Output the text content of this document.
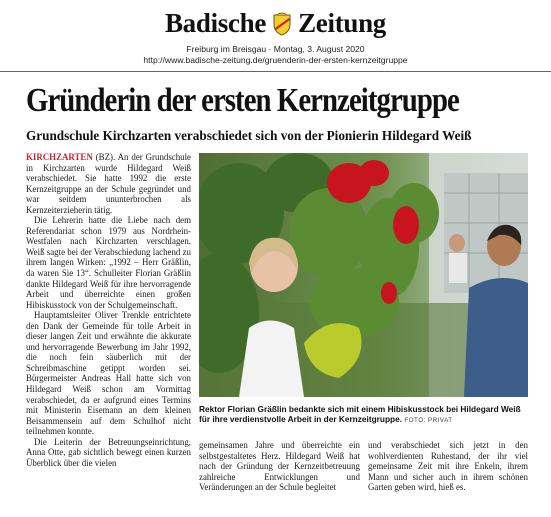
Badische Zeitung
Freiburg im Breisgau · Montag, 3. August 2020
http://www.badische-zeitung.de/gruenderin-der-ersten-kernzeitgruppe
Gründerin der ersten Kernzeitgruppe
Grundschule Kirchzarten verabschiedet sich von der Pionierin Hildegard Weiß

KIRCHZARTEN (BZ). An der Grundschule in Kirchzarten wurde Hildegard Weiß verabschiedet. Sie hatte 1992 die erste Kernzeitgruppe an der Schule gegründet und war seitdem ununterbrochen als Kernzeiterzieherin tätig.

Die Lehrerin hatte die Liebe nach dem Referendariat schon 1979 aus Nordrhein-Westfalen nach Kirchzarten verschlagen. Weiß sagte bei der Verabschiedung lachend zu ihrem langen Wirken: „1992 – Herr Gräßlin, da waren Sie 13“. Schulleiter Florian Gräßlin dankte Hildegard Weiß für ihre hervorragende Arbeit und überreichte einen großen Hibiskusstock von der Schulgemeinschaft.

Hauptamtsleiter Oliver Trenkle entrichtete den Dank der Gemeinde für tolle Arbeit in dieser langen Zeit und erwähnte die akkurate und hervorragende Bewerbung im Jahr 1992, die noch fein säuberlich mit der Schreibmaschine getippt worden sei. Bürgermeister Andreas Hall hatte sich von Hildegard Weiß schon am Vormittag verabschiedet, da er aufgrund eines Termins mit Ministerin Eisemann an dem kleinen Beisammensein auf dem Schulhof nicht teilnehmen konnte.

Die Leiterin der Betreuungseinrichtung, Anna Otte, gab sichtlich bewegt einen kurzen Überblick über die vielen

Rektor Florian Gräßlin bedankte sich mit einem Hibiskusstock bei Hildegard Weiß für ihre verdienstvolle Arbeit in der Kernzeitgruppe. FOTO: PRIVAT

gemeinsamen Jahre und überreichte ein selbstgestaltetes Herz. Hildegard Weiß hat nach der Gründung der Kernzeitbetreuung zahlreiche Entwicklungen und Veränderungen an der Schule begleitet

und verabschiedet sich jetzt in den wohlverdienten Ruhestand, der ihr viel gemeinsame Zeit mit ihre Enkeln, ihrem Mann und sicher auch in ihrem schönen Garten geben wird, hieß es.
